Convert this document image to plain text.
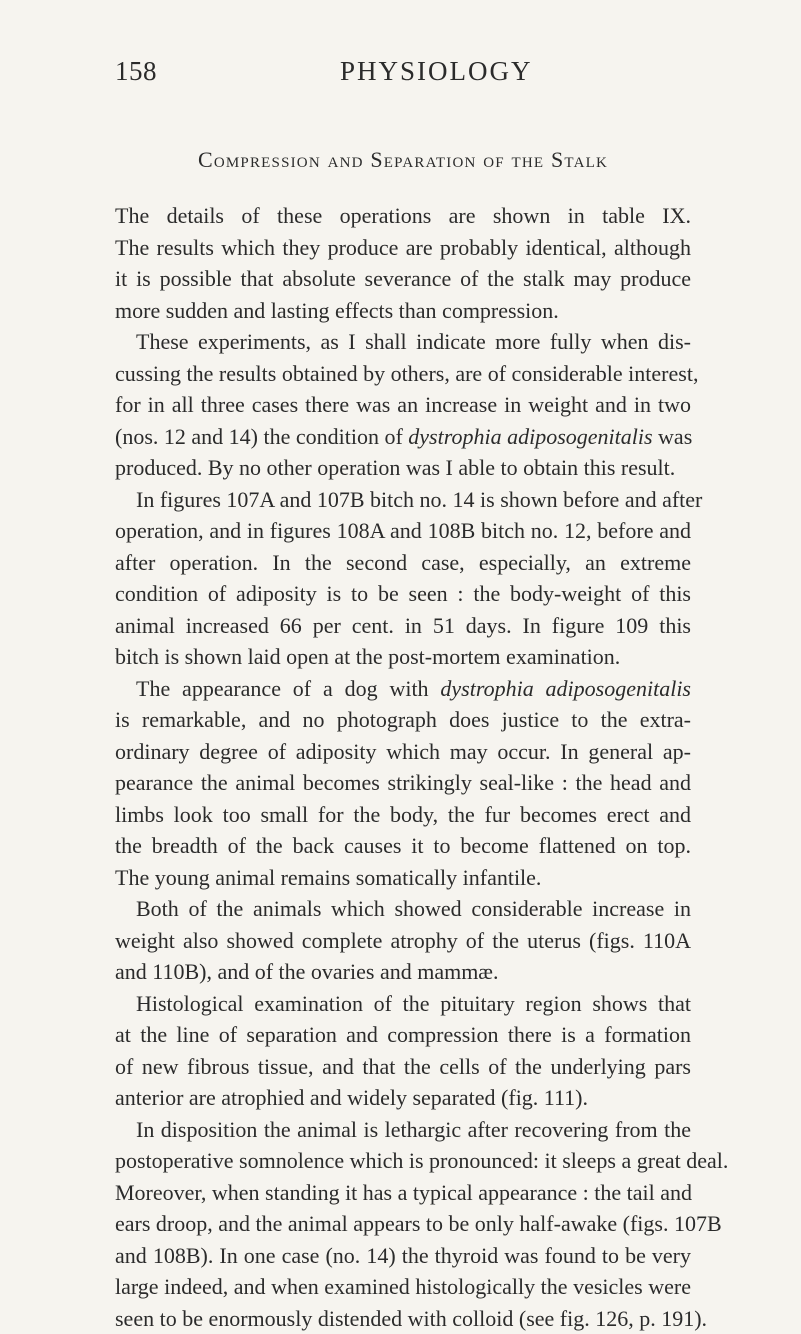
158	PHYSIOLOGY
Compression and Separation of the Stalk
The details of these operations are shown in table IX.
The results which they produce are probably identical, although
it is possible that absolute severance of the stalk may produce
more sudden and lasting effects than compression.
These experiments, as I shall indicate more fully when dis-
cussing the results obtained by others, are of considerable interest,
for in all three cases there was an increase in weight and in two
(nos. 12 and 14) the condition of dystrophia adiposogenitalis was
produced. By no other operation was I able to obtain this result.
In figures 107A and 107B bitch no. 14 is shown before and after
operation, and in figures 108A and 108B bitch no. 12, before and
after operation. In the second case, especially, an extreme
condition of adiposity is to be seen : the body-weight of this
animal increased 66 per cent. in 51 days. In figure 109 this
bitch is shown laid open at the post-mortem examination.
The appearance of a dog with dystrophia adiposogenitalis
is remarkable, and no photograph does justice to the extra-
ordinary degree of adiposity which may occur. In general ap-
pearance the animal becomes strikingly seal-like : the head and
limbs look too small for the body, the fur becomes erect and
the breadth of the back causes it to become flattened on top.
The young animal remains somatically infantile.
Both of the animals which showed considerable increase in
weight also showed complete atrophy of the uterus (figs. 110A
and 110B), and of the ovaries and mammæ.
Histological examination of the pituitary region shows that
at the line of separation and compression there is a formation
of new fibrous tissue, and that the cells of the underlying pars
anterior are atrophied and widely separated (fig. 111).
In disposition the animal is lethargic after recovering from the
postoperative somnolence which is pronounced: it sleeps a great deal.
Moreover, when standing it has a typical appearance : the tail and
ears droop, and the animal appears to be only half-awake (figs. 107B
and 108B). In one case (no. 14) the thyroid was found to be very
large indeed, and when examined histologically the vesicles were
seen to be enormously distended with colloid (see fig. 126, p. 191).
